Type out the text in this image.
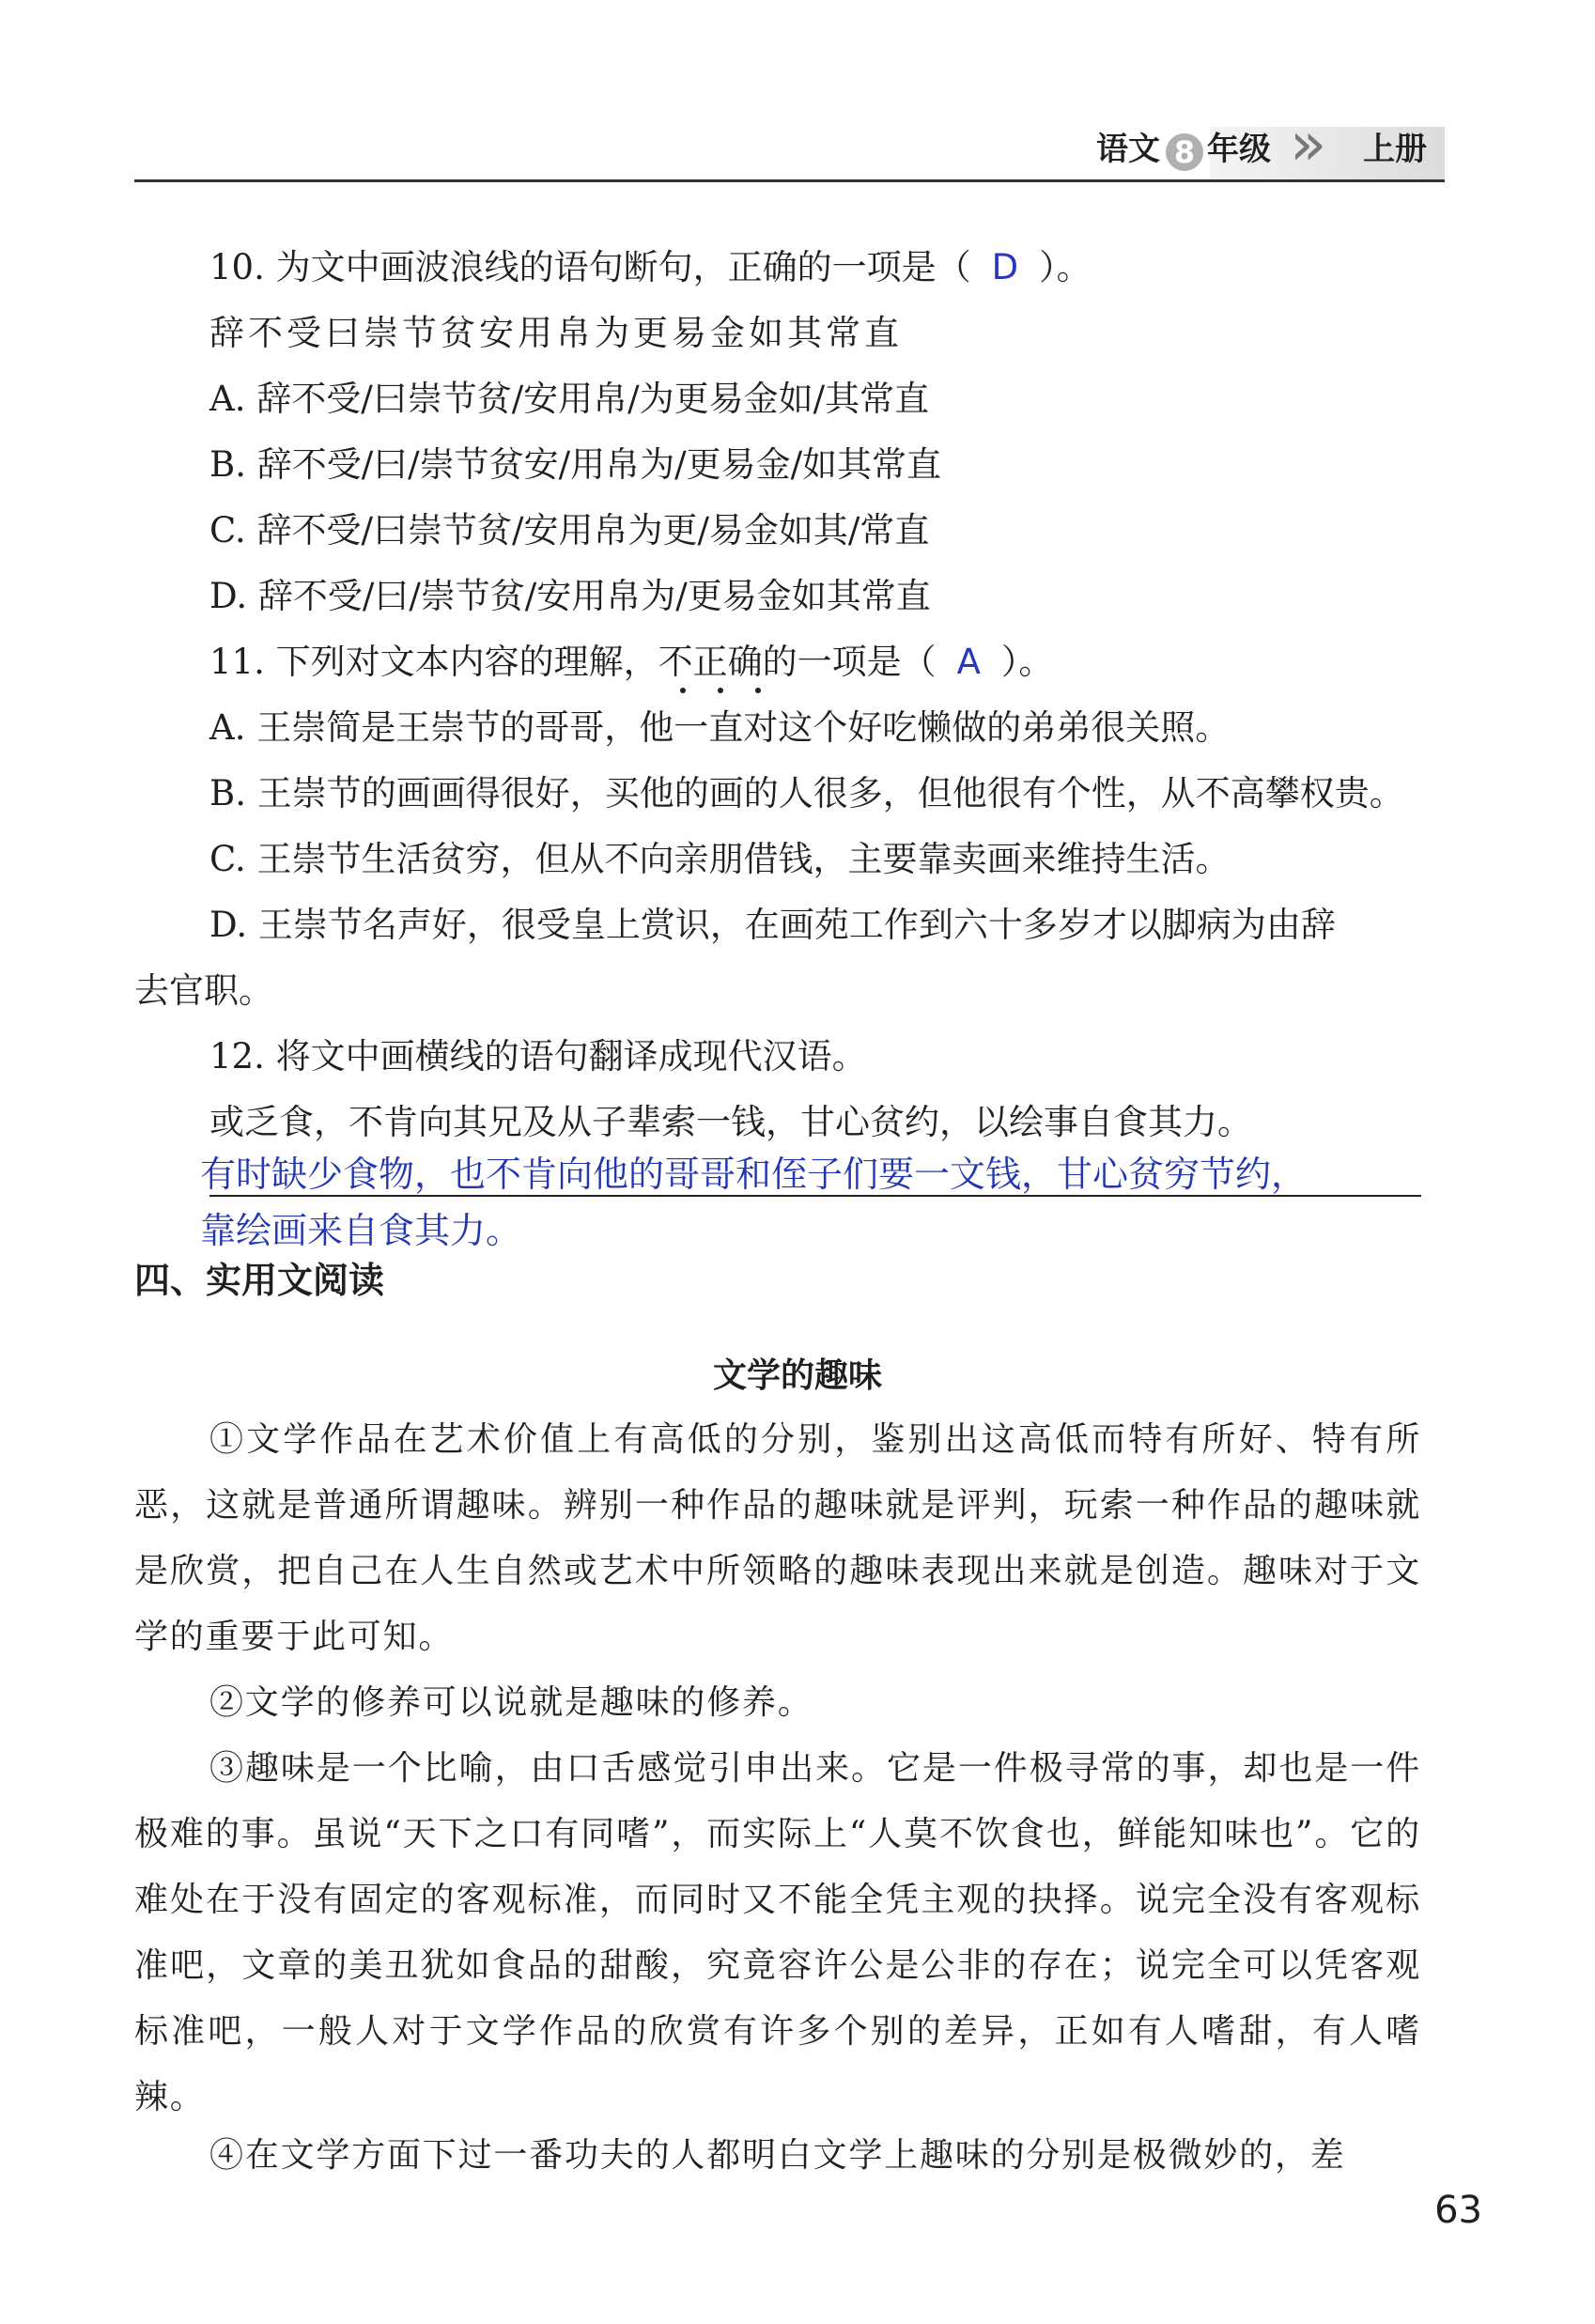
语文 8 年级 ›› 上册
10. 为文中画波浪线的语句断句，正确的一项是（ D ）。
辞不受曰崇节贫安用帛为更易金如其常直
A. 辞不受/曰崇节贫/安用帛/为更易金如/其常直
B. 辞不受/曰/崇节贫安/用帛为/更易金/如其常直
C. 辞不受/曰崇节贫/安用帛为更/易金如其/常直
D. 辞不受/曰/崇节贫/安用帛为/更易金如其常直
11. 下列对文本内容的理解，不正确的一项是（ A ）。
A. 王崇简是王崇节的哥哥，他一直对这个好吃懒做的弟弟很关照。
B. 王崇节的画画得很好，买他的画的人很多，但他很有个性，从不高攀权贵。
C. 王崇节生活贫穷，但从不向亲朋借钱，主要靠卖画来维持生活。
D. 王崇节名声好，很受皇上赏识，在画苑工作到六十多岁才以脚病为由辞
去官职。
12. 将文中画横线的语句翻译成现代汉语。
或乏食，不肯向其兄及从子辈索一钱，甘心贫约，以绘事自食其力。
有时缺少食物，也不肯向他的哥哥和侄子们要一文钱，甘心贫穷节约，
靠绘画来自食其力。
四、实用文阅读
文学的趣味
①文学作品在艺术价值上有高低的分别，鉴别出这高低而特有所好、特有所恶，这就是普通所谓趣味。辨别一种作品的趣味就是评判，玩索一种作品的趣味就是欣赏，把自己在人生自然或艺术中所领略的趣味表现出来就是创造。趣味对于文学的重要于此可知。
②文学的修养可以说就是趣味的修养。
③趣味是一个比喻，由口舌感觉引申出来。它是一件极寻常的事，却也是一件极难的事。虽说“天下之口有同嗜”，而实际上“人莫不饮食也，鲜能知味也”。它的难处在于没有固定的客观标准，而同时又不能全凭主观的抉择。说完全没有客观标准吧，文章的美丑犹如食品的甜酸，究竟容许公是公非的存在；说完全可以凭客观标准吧，一般人对于文学作品的欣赏有许多个别的差异，正如有人嗜甜，有人嗜辣。
④在文学方面下过一番功夫的人都明白文学上趣味的分别是极微妙的，差
63
